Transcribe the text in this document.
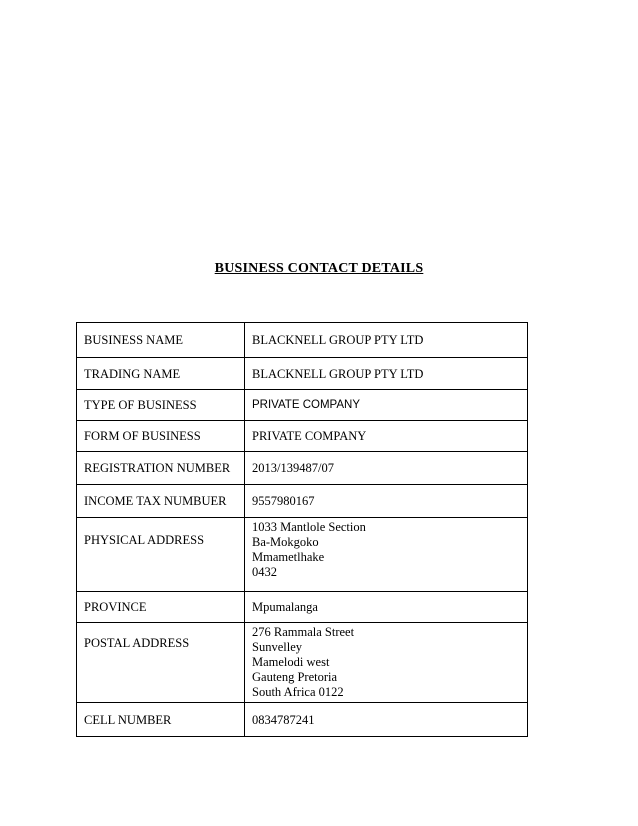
BUSINESS CONTACT DETAILS
BUSINESS NAME	BLACKNELL GROUP PTY LTD

TRADING NAME	BLACKNELL GROUP PTY LTD

TYPE OF BUSINESS	PRIVATE COMPANY

FORM OF BUSINESS	PRIVATE COMPANY

REGISTRATION NUMBER	2013/139487/07

INCOME TAX NUMBUER	9557980167

PHYSICAL ADDRESS	1033 Mantlole Section
Ba-Mokgoko
Mmametlhake
0432

PROVINCE	Mpumalanga

POSTAL ADDRESS	276 Rammala Street
Sunvelley
Mamelodi west
Gauteng Pretoria
South Africa 0122

CELL NUMBER	0834787241
